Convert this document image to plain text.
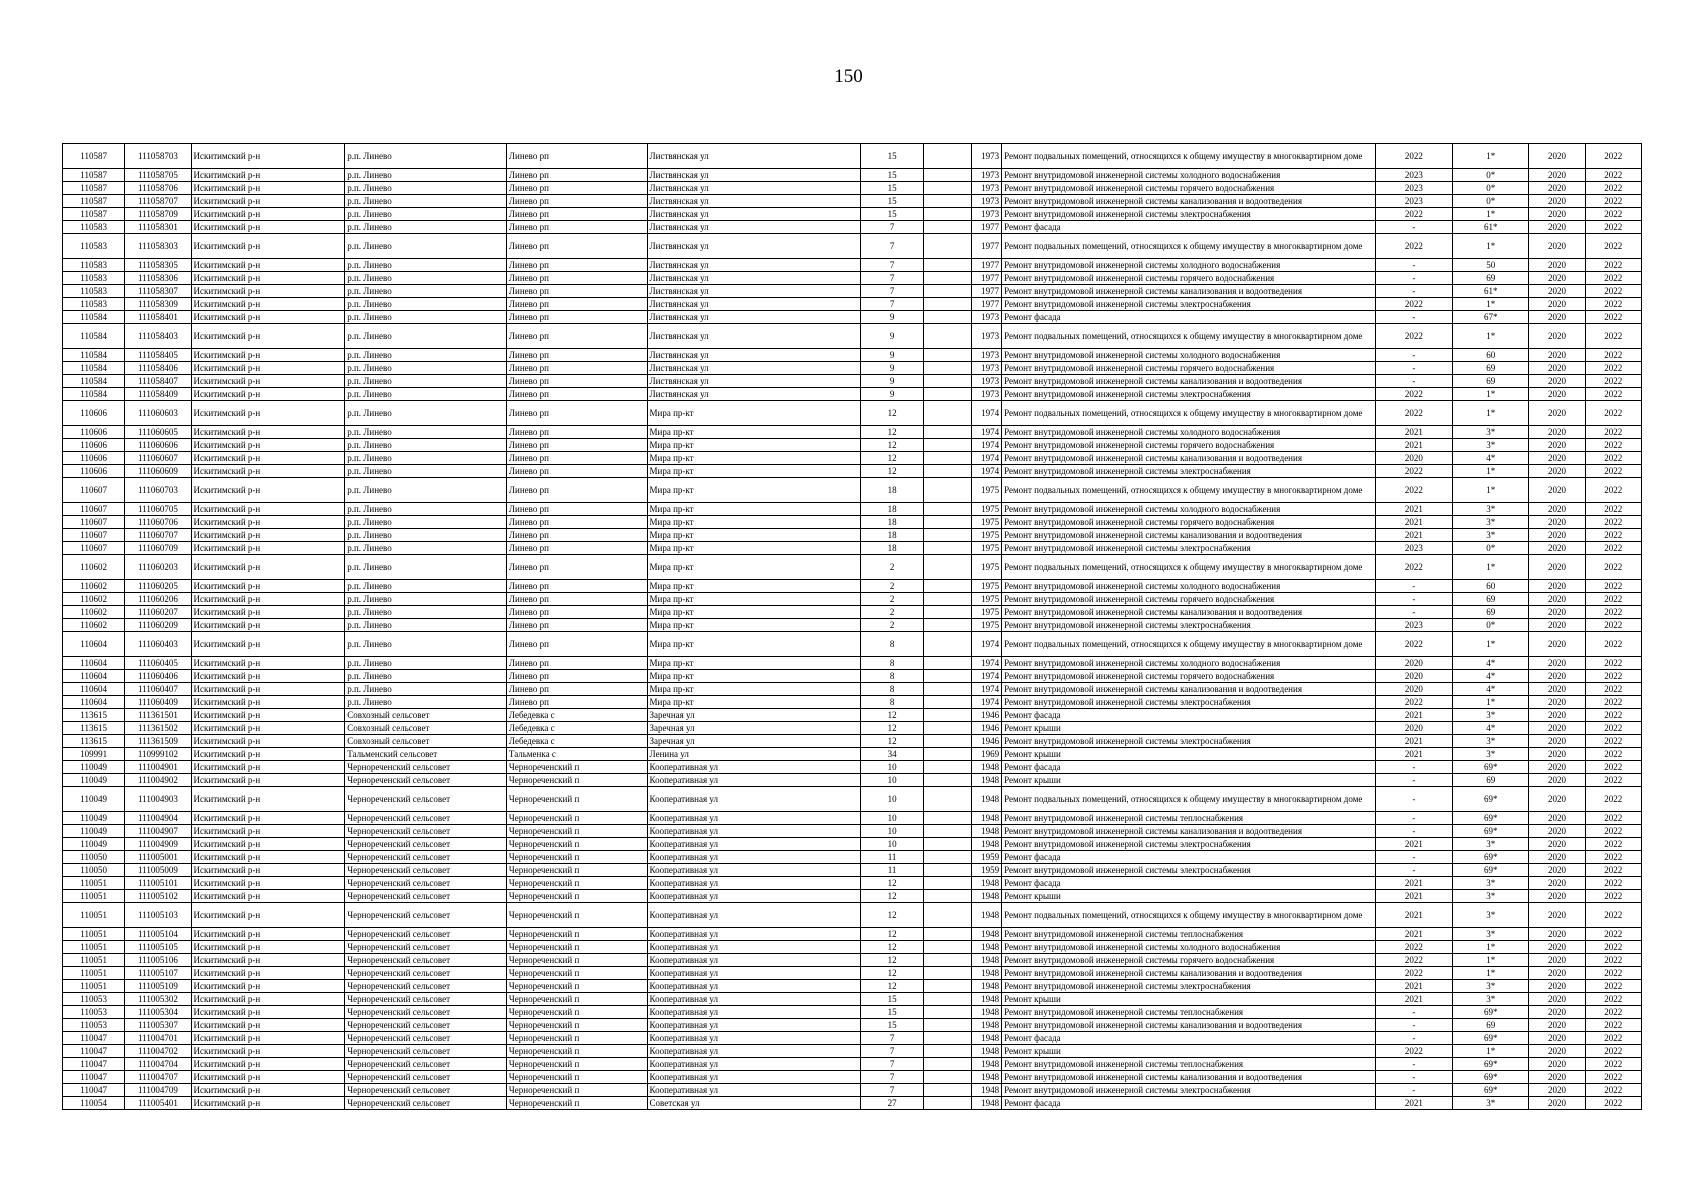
150
110587	111058703	Искитимский р-н	р.п. Линево	Линево рп	Листвянская ул	15		1973	Ремонт подвальных помещений, относящихся к общему имуществу в многоквартирном доме	2022	1*	2020	2022
110587	111058705	Искитимский р-н	р.п. Линево	Линево рп	Листвянская ул	15		1973	Ремонт внутридомовой инженерной системы холодного водоснабжения	2023	0*	2020	2022
110587	111058706	Искитимский р-н	р.п. Линево	Линево рп	Листвянская ул	15		1973	Ремонт внутридомовой инженерной системы горячего водоснабжения	2023	0*	2020	2022
110587	111058707	Искитимский р-н	р.п. Линево	Линево рп	Листвянская ул	15		1973	Ремонт внутридомовой инженерной системы канализования и водоотведения	2023	0*	2020	2022
110587	111058709	Искитимский р-н	р.п. Линево	Линево рп	Листвянская ул	15		1973	Ремонт внутридомовой инженерной системы электроснабжения	2022	1*	2020	2022
110583	111058301	Искитимский р-н	р.п. Линево	Линево рп	Листвянская ул	7		1977	Ремонт фасада	-	61*	2020	2022
110583	111058303	Искитимский р-н	р.п. Линево	Линево рп	Листвянская ул	7		1977	Ремонт подвальных помещений, относящихся к общему имуществу в многоквартирном доме	2022	1*	2020	2022
110583	111058305	Искитимский р-н	р.п. Линево	Линево рп	Листвянская ул	7		1977	Ремонт внутридомовой инженерной системы холодного водоснабжения	-	50	2020	2022
110583	111058306	Искитимский р-н	р.п. Линево	Линево рп	Листвянская ул	7		1977	Ремонт внутридомовой инженерной системы горячего водоснабжения	-	69	2020	2022
110583	111058307	Искитимский р-н	р.п. Линево	Линево рп	Листвянская ул	7		1977	Ремонт внутридомовой инженерной системы канализования и водоотведения	-	61*	2020	2022
110583	111058309	Искитимский р-н	р.п. Линево	Линево рп	Листвянская ул	7		1977	Ремонт внутридомовой инженерной системы электроснабжения	2022	1*	2020	2022
110584	111058401	Искитимский р-н	р.п. Линево	Линево рп	Листвянская ул	9		1973	Ремонт фасада	-	67*	2020	2022
110584	111058403	Искитимский р-н	р.п. Линево	Линево рп	Листвянская ул	9		1973	Ремонт подвальных помещений, относящихся к общему имуществу в многоквартирном доме	2022	1*	2020	2022
110584	111058405	Искитимский р-н	р.п. Линево	Линево рп	Листвянская ул	9		1973	Ремонт внутридомовой инженерной системы холодного водоснабжения	-	60	2020	2022
110584	111058406	Искитимский р-н	р.п. Линево	Линево рп	Листвянская ул	9		1973	Ремонт внутридомовой инженерной системы горячего водоснабжения	-	69	2020	2022
110584	111058407	Искитимский р-н	р.п. Линево	Линево рп	Листвянская ул	9		1973	Ремонт внутридомовой инженерной системы канализования и водоотведения	-	69	2020	2022
110584	111058409	Искитимский р-н	р.п. Линево	Линево рп	Листвянская ул	9		1973	Ремонт внутридомовой инженерной системы электроснабжения	2022	1*	2020	2022
110606	111060603	Искитимский р-н	р.п. Линево	Линево рп	Мира пр-кт	12		1974	Ремонт подвальных помещений, относящихся к общему имуществу в многоквартирном доме	2022	1*	2020	2022
110606	111060605	Искитимский р-н	р.п. Линево	Линево рп	Мира пр-кт	12		1974	Ремонт внутридомовой инженерной системы холодного водоснабжения	2021	3*	2020	2022
110606	111060606	Искитимский р-н	р.п. Линево	Линево рп	Мира пр-кт	12		1974	Ремонт внутридомовой инженерной системы горячего водоснабжения	2021	3*	2020	2022
110606	111060607	Искитимский р-н	р.п. Линево	Линево рп	Мира пр-кт	12		1974	Ремонт внутридомовой инженерной системы канализования и водоотведения	2020	4*	2020	2022
110606	111060609	Искитимский р-н	р.п. Линево	Линево рп	Мира пр-кт	12		1974	Ремонт внутридомовой инженерной системы электроснабжения	2022	1*	2020	2022
110607	111060703	Искитимский р-н	р.п. Линево	Линево рп	Мира пр-кт	18		1975	Ремонт подвальных помещений, относящихся к общему имуществу в многоквартирном доме	2022	1*	2020	2022
110607	111060705	Искитимский р-н	р.п. Линево	Линево рп	Мира пр-кт	18		1975	Ремонт внутридомовой инженерной системы холодного водоснабжения	2021	3*	2020	2022
110607	111060706	Искитимский р-н	р.п. Линево	Линево рп	Мира пр-кт	18		1975	Ремонт внутридомовой инженерной системы горячего водоснабжения	2021	3*	2020	2022
110607	111060707	Искитимский р-н	р.п. Линево	Линево рп	Мира пр-кт	18		1975	Ремонт внутридомовой инженерной системы канализования и водоотведения	2021	3*	2020	2022
110607	111060709	Искитимский р-н	р.п. Линево	Линево рп	Мира пр-кт	18		1975	Ремонт внутридомовой инженерной системы электроснабжения	2023	0*	2020	2022
110602	111060203	Искитимский р-н	р.п. Линево	Линево рп	Мира пр-кт	2		1975	Ремонт подвальных помещений, относящихся к общему имуществу в многоквартирном доме	2022	1*	2020	2022
110602	111060205	Искитимский р-н	р.п. Линево	Линево рп	Мира пр-кт	2		1975	Ремонт внутридомовой инженерной системы холодного водоснабжения	-	60	2020	2022
110602	111060206	Искитимский р-н	р.п. Линево	Линево рп	Мира пр-кт	2		1975	Ремонт внутридомовой инженерной системы горячего водоснабжения	-	69	2020	2022
110602	111060207	Искитимский р-н	р.п. Линево	Линево рп	Мира пр-кт	2		1975	Ремонт внутридомовой инженерной системы канализования и водоотведения	-	69	2020	2022
110602	111060209	Искитимский р-н	р.п. Линево	Линево рп	Мира пр-кт	2		1975	Ремонт внутридомовой инженерной системы электроснабжения	2023	0*	2020	2022
110604	111060403	Искитимский р-н	р.п. Линево	Линево рп	Мира пр-кт	8		1974	Ремонт подвальных помещений, относящихся к общему имуществу в многоквартирном доме	2022	1*	2020	2022
110604	111060405	Искитимский р-н	р.п. Линево	Линево рп	Мира пр-кт	8		1974	Ремонт внутридомовой инженерной системы холодного водоснабжения	2020	4*	2020	2022
110604	111060406	Искитимский р-н	р.п. Линево	Линево рп	Мира пр-кт	8		1974	Ремонт внутридомовой инженерной системы горячего водоснабжения	2020	4*	2020	2022
110604	111060407	Искитимский р-н	р.п. Линево	Линево рп	Мира пр-кт	8		1974	Ремонт внутридомовой инженерной системы канализования и водоотведения	2020	4*	2020	2022
110604	111060409	Искитимский р-н	р.п. Линево	Линево рп	Мира пр-кт	8		1974	Ремонт внутридомовой инженерной системы электроснабжения	2022	1*	2020	2022
113615	111361501	Искитимский р-н	Совхозный сельсовет	Лебедевка с	Заречная ул	12		1946	Ремонт фасада	2021	3*	2020	2022
113615	111361502	Искитимский р-н	Совхозный сельсовет	Лебедевка с	Заречная ул	12		1946	Ремонт крыши	2020	4*	2020	2022
113615	111361509	Искитимский р-н	Совхозный сельсовет	Лебедевка с	Заречная ул	12		1946	Ремонт внутридомовой инженерной системы электроснабжения	2021	3*	2020	2022
109991	110999102	Искитимский р-н	Тальменский сельсовет	Тальменка с	Ленина ул	34		1969	Ремонт крыши	2021	3*	2020	2022
110049	111004901	Искитимский р-н	Чернореченский сельсовет	Чернореченский п	Кооперативная ул	10		1948	Ремонт фасада	-	69*	2020	2022
110049	111004902	Искитимский р-н	Чернореченский сельсовет	Чернореченский п	Кооперативная ул	10		1948	Ремонт крыши	-	69	2020	2022
110049	111004903	Искитимский р-н	Чернореченский сельсовет	Чернореченский п	Кооперативная ул	10		1948	Ремонт подвальных помещений, относящихся к общему имуществу в многоквартирном доме	-	69*	2020	2022
110049	111004904	Искитимский р-н	Чернореченский сельсовет	Чернореченский п	Кооперативная ул	10		1948	Ремонт внутридомовой инженерной системы теплоснабжения	-	69*	2020	2022
110049	111004907	Искитимский р-н	Чернореченский сельсовет	Чернореченский п	Кооперативная ул	10		1948	Ремонт внутридомовой инженерной системы канализования и водоотведения	-	69*	2020	2022
110049	111004909	Искитимский р-н	Чернореченский сельсовет	Чернореченский п	Кооперативная ул	10		1948	Ремонт внутридомовой инженерной системы электроснабжения	2021	3*	2020	2022
110050	111005001	Искитимский р-н	Чернореченский сельсовет	Чернореченский п	Кооперативная ул	11		1959	Ремонт фасада	-	69*	2020	2022
110050	111005009	Искитимский р-н	Чернореченский сельсовет	Чернореченский п	Кооперативная ул	11		1959	Ремонт внутридомовой инженерной системы электроснабжения	-	69*	2020	2022
110051	111005101	Искитимский р-н	Чернореченский сельсовет	Чернореченский п	Кооперативная ул	12		1948	Ремонт фасада	2021	3*	2020	2022
110051	111005102	Искитимский р-н	Чернореченский сельсовет	Чернореченский п	Кооперативная ул	12		1948	Ремонт крыши	2021	3*	2020	2022
110051	111005103	Искитимский р-н	Чернореченский сельсовет	Чернореченский п	Кооперативная ул	12		1948	Ремонт подвальных помещений, относящихся к общему имуществу в многоквартирном доме	2021	3*	2020	2022
110051	111005104	Искитимский р-н	Чернореченский сельсовет	Чернореченский п	Кооперативная ул	12		1948	Ремонт внутридомовой инженерной системы теплоснабжения	2021	3*	2020	2022
110051	111005105	Искитимский р-н	Чернореченский сельсовет	Чернореченский п	Кооперативная ул	12		1948	Ремонт внутридомовой инженерной системы холодного водоснабжения	2022	1*	2020	2022
110051	111005106	Искитимский р-н	Чернореченский сельсовет	Чернореченский п	Кооперативная ул	12		1948	Ремонт внутридомовой инженерной системы горячего водоснабжения	2022	1*	2020	2022
110051	111005107	Искитимский р-н	Чернореченский сельсовет	Чернореченский п	Кооперативная ул	12		1948	Ремонт внутридомовой инженерной системы канализования и водоотведения	2022	1*	2020	2022
110051	111005109	Искитимский р-н	Чернореченский сельсовет	Чернореченский п	Кооперативная ул	12		1948	Ремонт внутридомовой инженерной системы электроснабжения	2021	3*	2020	2022
110053	111005302	Искитимский р-н	Чернореченский сельсовет	Чернореченский п	Кооперативная ул	15		1948	Ремонт крыши	2021	3*	2020	2022
110053	111005304	Искитимский р-н	Чернореченский сельсовет	Чернореченский п	Кооперативная ул	15		1948	Ремонт внутридомовой инженерной системы теплоснабжения	-	69*	2020	2022
110053	111005307	Искитимский р-н	Чернореченский сельсовет	Чернореченский п	Кооперативная ул	15		1948	Ремонт внутридомовой инженерной системы канализования и водоотведения	-	69	2020	2022
110047	111004701	Искитимский р-н	Чернореченский сельсовет	Чернореченский п	Кооперативная ул	7		1948	Ремонт фасада	-	69*	2020	2022
110047	111004702	Искитимский р-н	Чернореченский сельсовет	Чернореченский п	Кооперативная ул	7		1948	Ремонт крыши	2022	1*	2020	2022
110047	111004704	Искитимский р-н	Чернореченский сельсовет	Чернореченский п	Кооперативная ул	7		1948	Ремонт внутридомовой инженерной системы теплоснабжения	-	69*	2020	2022
110047	111004707	Искитимский р-н	Чернореченский сельсовет	Чернореченский п	Кооперативная ул	7		1948	Ремонт внутридомовой инженерной системы канализования и водоотведения	-	69*	2020	2022
110047	111004709	Искитимский р-н	Чернореченский сельсовет	Чернореченский п	Кооперативная ул	7		1948	Ремонт внутридомовой инженерной системы электроснабжения	-	69*	2020	2022
110054	111005401	Искитимский р-н	Чернореченский сельсовет	Чернореченский п	Советская ул	27		1948	Ремонт фасада	2021	3*	2020	2022
